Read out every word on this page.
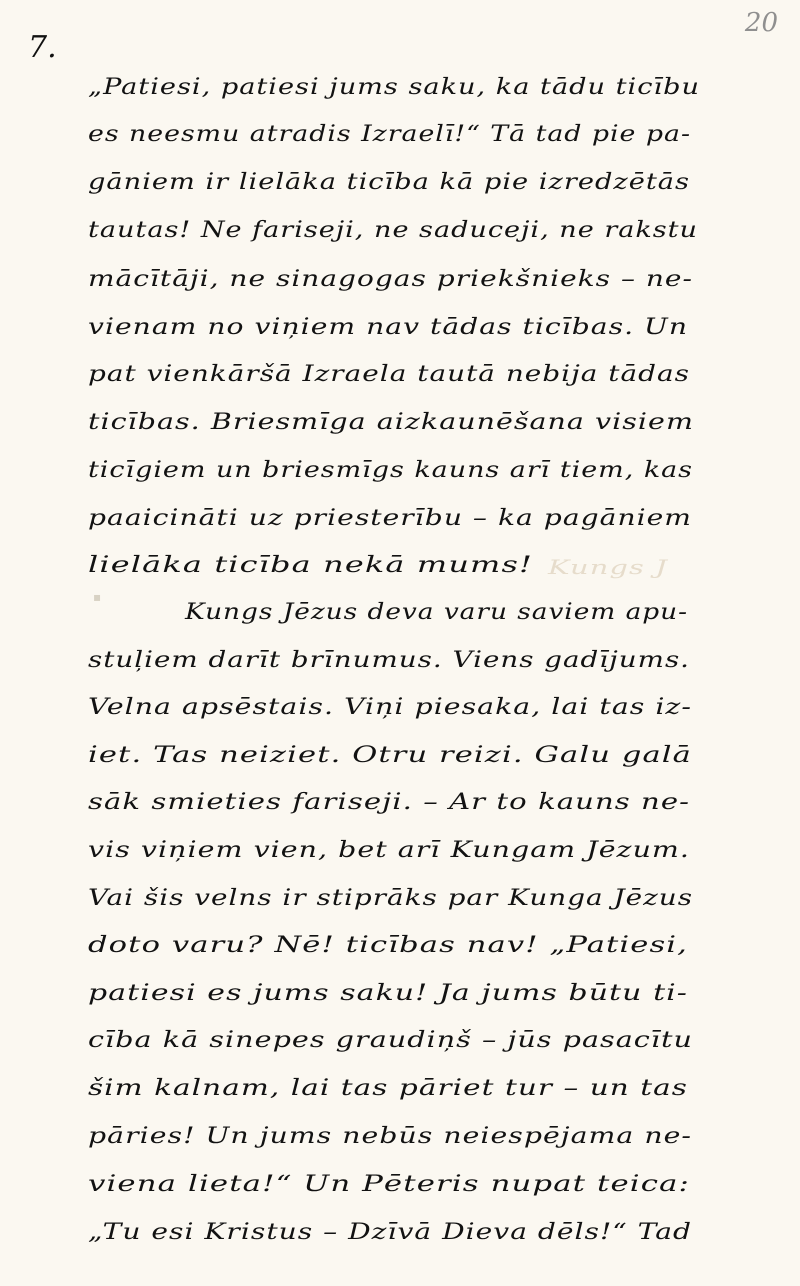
7.
20
▪
„Patiesi, patiesi jums saku, ka tādu ticību
es neesmu atradis Izraelī!“ Tā tad pie pa-
gāniem ir lielāka ticība kā pie izredzētās
tautas! Ne fariseji, ne saduceji, ne rakstu
mācītāji, ne sinagogas priekšnieks – ne-
vienam no viņiem nav tādas ticības. Un
pat vienkāršā Izraela tautā nebija tādas
ticības. Briesmīga aizkaunēšana visiem
ticīgiem un briesmīgs kauns arī tiem, kas
paaicināti uz priesterību – ka pagāniem
lielāka ticība nekā mums! Kungs J
Kungs Jēzus deva varu saviem apu-
stuļiem darīt brīnumus. Viens gadījums.
Velna apsēstais. Viņi piesaka, lai tas iz-
iet. Tas neiziet. Otru reizi. Galu galā
sāk smieties fariseji. – Ar to kauns ne-
vis viņiem vien, bet arī Kungam Jēzum.
Vai šis velns ir stiprāks par Kunga Jēzus
doto varu? Nē! ticības nav! „Patiesi,
patiesi es jums saku! Ja jums būtu ti-
cība kā sinepes graudiņš – jūs pasacītu
šim kalnam, lai tas pāriet tur – un tas
pāries! Un jums nebūs neiespējama ne-
viena lieta!“ Un Pēteris nupat teica:
„Tu esi Kristus – Dzīvā Dieva dēls!“ Tad
